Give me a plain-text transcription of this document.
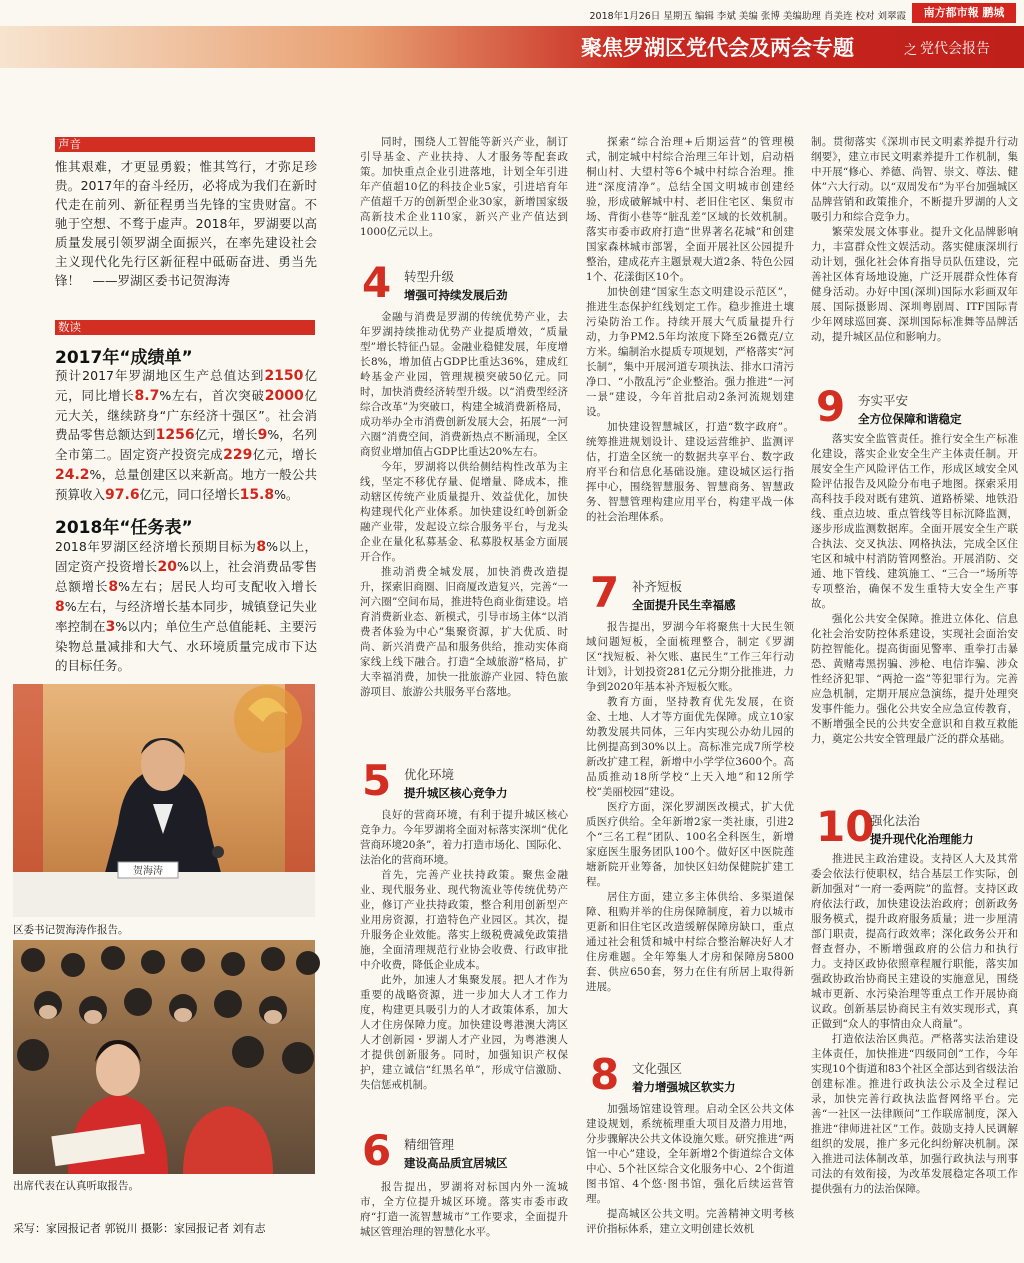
2018年1月26日 星期五 编辑 李斌 美编 张博 美编助理 肖美连 校对 刘翠霞	南方都市報 鹏城
聚焦罗湖区党代会及两会专题	之 党代会报告
声音
惟其艰难，才更显勇毅；惟其笃行，才弥足珍贵。2017年的奋斗经历，必将成为我们在新时代走在前列、新征程勇当先锋的宝贵财富。不驰于空想、不骛于虚声。2018年，罗湖要以高质量发展引领罗湖全面振兴，在率先建设社会主义现代化先行区新征程中砥砺奋进、勇当先锋！　——罗湖区委书记贺海涛
数读
2017年“成绩单”
预计2017年罗湖地区生产总值达到2150亿元，同比增长8.7%左右，首次突破2000亿元大关，继续跻身“广东经济十强区”。社会消费品零售总额达到1256亿元，增长9%，名列全市第二。固定资产投资完成229亿元，增长24.2%，总量创建区以来新高。地方一般公共预算收入97.6亿元，同口径增长15.8%。
2018年“任务表”
2018年罗湖区经济增长预期目标为8%以上，固定资产投资增长20%以上，社会消费品零售总额增长8%左右；居民人均可支配收入增长8%左右，与经济增长基本同步，城镇登记失业率控制在3%以内；单位生产总值能耗、主要污染物总量减排和大气、水环境质量完成市下达的目标任务。
贺海涛
区委书记贺海涛作报告。
出席代表在认真听取报告。
采写：家园报记者 郭锐川 摄影：家园报记者 刘有志

同时，围绕人工智能等新兴产业，制订引导基金、产业扶持、人才服务等配套政策。加快重点企业引进落地，计划全年引进年产值超10亿的科技企业5家，引进培育年产值超千万的创新型企业30家，新增国家级高新技术企业110家，新兴产业产值达到1000亿元以上。

4 转型升级
增强可持续发展后劲

金融与消费是罗湖的传统优势产业，去年罗湖持续推动优势产业提质增效，“质量型”增长特征凸显。金融业稳健发展，年度增长8%，增加值占GDP比重达36%，建成红岭基金产业园，管理规模突破50亿元。同时，加快消费经济转型升级。以“消费型经济综合改革”为突破口，构建全城消费新格局，成功举办全市消费创新发展大会，拓展“一河六圈”消费空间，消费新热点不断涌现，全区商贸业增加值占GDP比重达20%左右。

今年，罗湖将以供给侧结构性改革为主线，坚定不移优存量、促增量、降成本，推动辖区传统产业质量提升、效益优化，加快构建现代化产业体系。加快建设红岭创新金融产业带，发起设立综合服务平台，与龙头企业在量化私募基金、私募股权基金方面展开合作。

推动消费全城发展，加快消费改造提升，探索旧商圈、旧商厦改造复兴，完善“一河六圈”空间布局，推进特色商业街建设。培育消费新业态、新模式，引导市场主体“以消费者体验为中心”集聚资源，扩大优质、时尚、新兴消费产品和服务供给，推动实体商家线上线下融合。打造“全域旅游”格局，扩大幸福消费，加快一批旅游产业园、特色旅游项目、旅游公共服务平台落地。

5 优化环境
提升城区核心竞争力

良好的营商环境，有利于提升城区核心竞争力。今年罗湖将全面对标落实深圳“优化营商环境20条”，着力打造市场化、国际化、法治化的营商环境。

首先，完善产业扶持政策。聚焦金融业、现代服务业、现代物流业等传统优势产业，修订产业扶持政策，整合利用创新型产业用房资源，打造特色产业园区。其次，提升服务企业效能。落实上级税费减免政策措施，全面清理规范行业协会收费、行政审批中介收费，降低企业成本。

此外，加速人才集聚发展。把人才作为重要的战略资源，进一步加大人才工作力度，构建更具吸引力的人才政策体系，加大人才住房保障力度。加快建设粤港澳大湾区人才创新园・罗湖人才产业园，为粤港澳人才提供创新服务。同时，加强知识产权保护，建立诚信“红黑名单”，形成守信激励、失信惩戒机制。

6 精细管理
建设高品质宜居城区

报告提出，罗湖将对标国内外一流城市，全方位提升城区环境。落实市委市政府“打造一流智慧城市”工作要求，全面提升城区管理治理的智慧化水平。

探索“综合治理+后期运营”的管理模式，制定城中村综合治理三年计划，启动梧桐山村、大望村等6个城中村综合治理。推进“深度清净”。总结全国文明城市创建经验，形成破解城中村、老旧住宅区、集贸市场、背街小巷等“脏乱差”区域的长效机制。落实市委市政府打造“世界著名花城”和创建国家森林城市部署，全面开展社区公园提升整治，建成花卉主题景观大道2条、特色公园1个、花漾街区10个。

加快创建“国家生态文明建设示范区”，推进生态保护红线划定工作。稳步推进土壤污染防治工作。持续开展大气质量提升行动，力争PM2.5年均浓度下降至26微克/立方米。编制治水提质专项规划，严格落实“河长制”，集中开展河道专项执法、排水口清污净口、“小散乱污”企业整治。强力推进“一河一景”建设，今年首批启动2条河流规划建设。

加快建设智慧城区，打造“数字政府”。统筹推进规划设计、建设运营维护、监测评估，打造全区统一的数据共享平台、数字政府平台和信息化基础设施。建设城区运行指挥中心，围绕智慧服务、智慧商务、智慧政务、智慧管理构建应用平台，构建平战一体的社会治理体系。

7 补齐短板
全面提升民生幸福感

报告提出，罗湖今年将聚焦十大民生领域问题短板，全面梳理整合，制定《罗湖区“找短板、补欠账、惠民生”工作三年行动计划》，计划投资281亿元分期分批推进，力争到2020年基本补齐短板欠账。

教育方面，坚持教育优先发展，在资金、土地、人才等方面优先保障。成立10家幼教发展共同体，三年内实现公办幼儿园的比例提高到30%以上。高标准完成7所学校新改扩建工程，新增中小学学位3600个。高品质推动18所学校“上天入地”和12所学校“美丽校园”建设。

医疗方面，深化罗湖医改模式，扩大优质医疗供给。全年新增2家一类社康，引进2个“三名工程”团队、100名全科医生，新增家庭医生服务团队100个。做好区中医院莲塘新院开业筹备，加快区妇幼保健院扩建工程。

居住方面，建立多主体供给、多渠道保障、租购并举的住房保障制度，着力以城市更新和旧住宅区改造缓解保障房缺口，重点通过社会租赁和城中村综合整治解决好人才住房难题。全年筹集人才房和保障房5800套、供应650套，努力在住有所居上取得新进展。

8 文化强区
着力增强城区软实力

加强场馆建设管理。启动全区公共文体建设规划，系统梳理重大项目及潜力用地，分步骤解决公共文体设施欠账。研究推进“两馆一中心”建设，全年新增2个街道综合文体中心、5个社区综合文化服务中心、2个街道图书馆、4个悠·图书馆，强化后续运营管理。

提高城区公共文明。完善精神文明考核评价指标体系，建立文明创建长效机

制。贯彻落实《深圳市民文明素养提升行动纲要》，建立市民文明素养提升工作机制，集中开展“修心、养德、尚智、崇文、尊法、健体”六大行动。以“双周发布”为平台加强城区品牌营销和政策推介，不断提升罗湖的人文吸引力和综合竞争力。

繁荣发展文体事业。提升文化品牌影响力，丰富群众性文娱活动。落实健康深圳行动计划，强化社会体育指导员队伍建设，完善社区体育场地设施，广泛开展群众性体育健身活动。办好中国(深圳)国际水彩画双年展、国际摄影周、深圳粤剧周、ITF国际青少年网球巡回赛、深圳国际标准舞等品牌活动，提升城区品位和影响力。

9 夯实平安
全方位保障和谐稳定

落实安全监管责任。推行安全生产标准化建设，落实企业安全生产主体责任制。开展安全生产风险评估工作，形成区域安全风险评估报告及风险分布电子地图。探索采用高科技手段对既有建筑、道路桥梁、地铁沿线、重点边坡、重点管线等目标沉降监测，逐步形成监测数据库。全面开展安全生产联合执法、交叉执法、网格执法，完成全区住宅区和城中村消防管网整治。开展消防、交通、地下管线、建筑施工、“三合一”场所等专项整治，确保不发生重特大安全生产事故。

强化公共安全保障。推进立体化、信息化社会治安防控体系建设，实现社会面治安防控智能化。提高街面见警率、重拳打击暴恐、黄赌毒黑拐骗、涉枪、电信诈骗、涉众性经济犯罪、“两抢一盗”等犯罪行为。完善应急机制，定期开展应急演练，提升处理突发事件能力。强化公共安全应急宣传教育，不断增强全民的公共安全意识和自救互救能力，奠定公共安全管理最广泛的群众基础。

10
强化法治
提升现代化治理能力

推进民主政治建设。支持区人大及其常委会依法行使职权，结合基层工作实际，创新加强对“一府一委两院”的监督。支持区政府依法行政，加快建设法治政府；创新政务服务模式，提升政府服务质量；进一步厘清部门职责，提高行政效率；深化政务公开和督查督办，不断增强政府的公信力和执行力。支持区政协依照章程履行职能，落实加强政协政治协商民主建设的实施意见，围绕城市更新、水污染治理等重点工作开展协商议政。创新基层协商民主有效实现形式，真正做到“众人的事情由众人商量”。

打造依法治区典范。严格落实法治建设主体责任，加快推进“四级同创”工作，今年实现10个街道和83个社区全部达到省级法治创建标准。推进行政执法公示及全过程记录，加快完善行政执法监督网络平台。完善“一社区一法律顾问”工作联席制度，深入推进“律师进社区”工作。鼓励支持人民调解组织的发展，推广多元化纠纷解决机制。深入推进司法体制改革，加强行政执法与刑事司法的有效衔接，为改革发展稳定各项工作提供强有力的法治保障。
